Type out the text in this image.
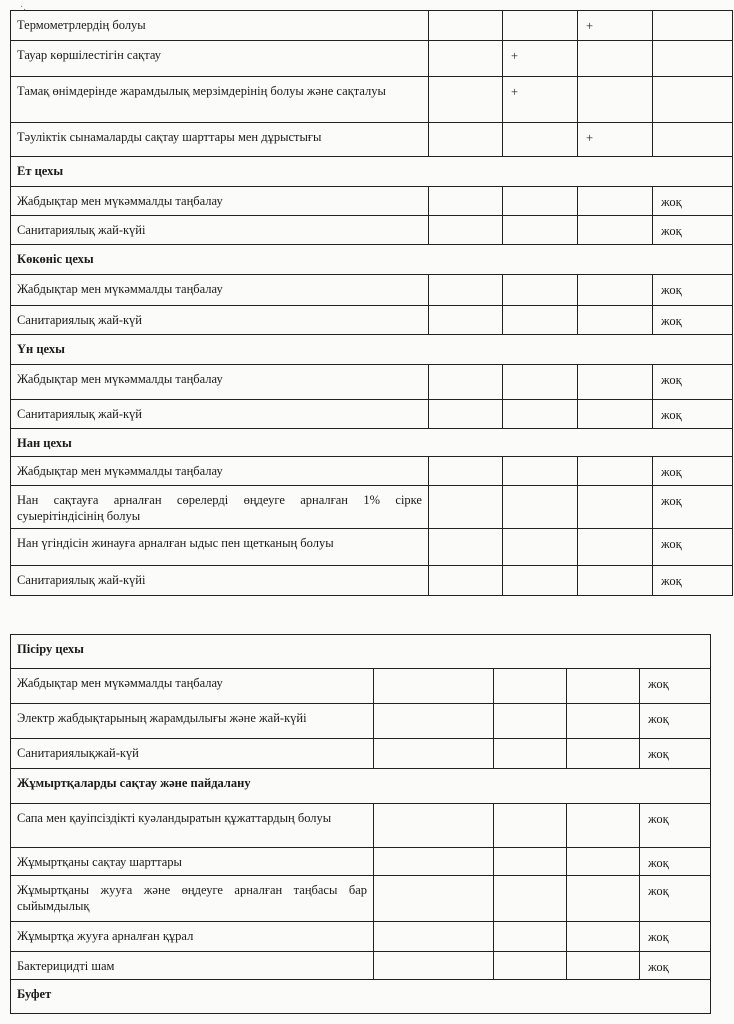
·.
Термометрлердің болуы			+	
Тауар көршілестігін сақтау		+		
Тамақ өнімдерінде жарамдылық мерзімдерінің болуы және сақталуы		+		
Тәуліктік сынамаларды сақтау шарттары мен дұрыстығы			+	
Ет цехы				
Жабдықтар мен мүкәммалды таңбалау				жоқ
Санитариялық жай-күйі				жоқ
Көкөніс цехы				
Жабдықтар мен мүкәммалды таңбалау				жоқ
Санитариялық жай-күй				жоқ
Үн цехы				
Жабдықтар мен мүкәммалды таңбалау				жоқ
Санитариялық жай-күй				жоқ
Нан цехы				
Жабдықтар мен мүкәммалды таңбалау				жоқ
Нан сақтауға арналған сөрелерді өңдеуге арналған 1% сірке суыерітіндісінің болуы				жоқ
Нан үгіндісін жинауға арналған ыдыс пен щетканың болуы				жоқ
Санитариялық жай-күйі				жоқ
Пісіру цехы				
Жабдықтар мен мүкәммалды таңбалау				жоқ
Электр жабдықтарының жарамдылығы және жай-күйі				жоқ
Санитариялықжай-күй				жоқ
Жұмыртқаларды сақтау және пайдалану				
Сапа мен қауіпсіздікті куәландыратын құжаттардың болуы				жоқ
Жұмыртқаны сақтау шарттары				жоқ
Жұмыртқаны жууға және өңдеуге арналған таңбасы бар сыйымдылық				жоқ
Жұмыртқа жууға арналған құрал				жоқ
Бактерицидті шам				жоқ
Буфет				
